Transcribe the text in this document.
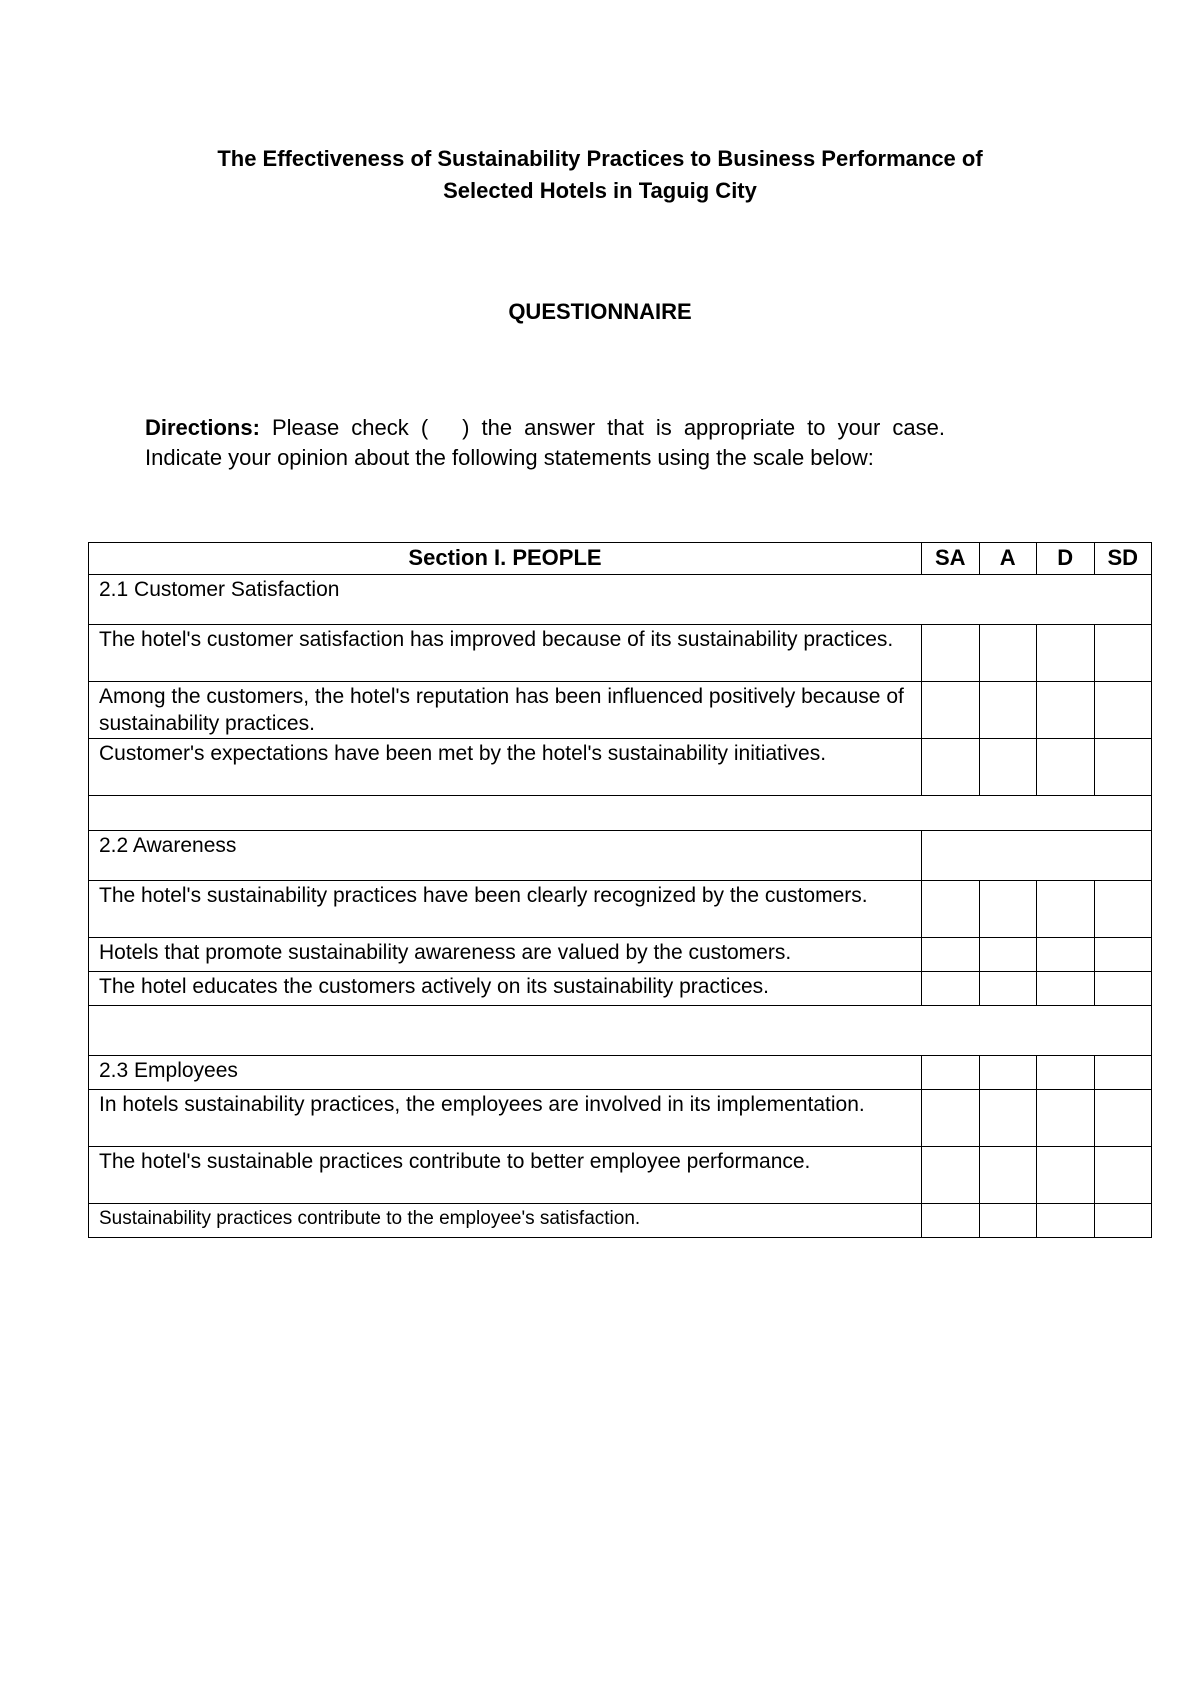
The Effectiveness of Sustainability Practices to Business Performance of
Selected Hotels in Taguig City
QUESTIONNAIRE
Directions: Please check ( ) the answer that is appropriate to your case. Indicate your opinion about the following statements using the scale below:
Section I. PEOPLE	SA	A	D	SD
2.1 Customer Satisfaction				
The hotel's customer satisfaction has improved because of its sustainability practices.				
Among the customers, the hotel's reputation has been influenced positively because of sustainability practices.				
Customer's expectations have been met by the hotel's sustainability initiatives.				

2.2 Awareness				
The hotel's sustainability practices have been clearly recognized by the customers.				
Hotels that promote sustainability awareness are valued by the customers.				
The hotel educates the customers actively on its sustainability practices.				

2.3 Employees				
In hotels sustainability practices, the employees are involved in its implementation.				
The hotel's sustainable practices contribute to better employee performance.				
Sustainability practices contribute to the employee's satisfaction.				
